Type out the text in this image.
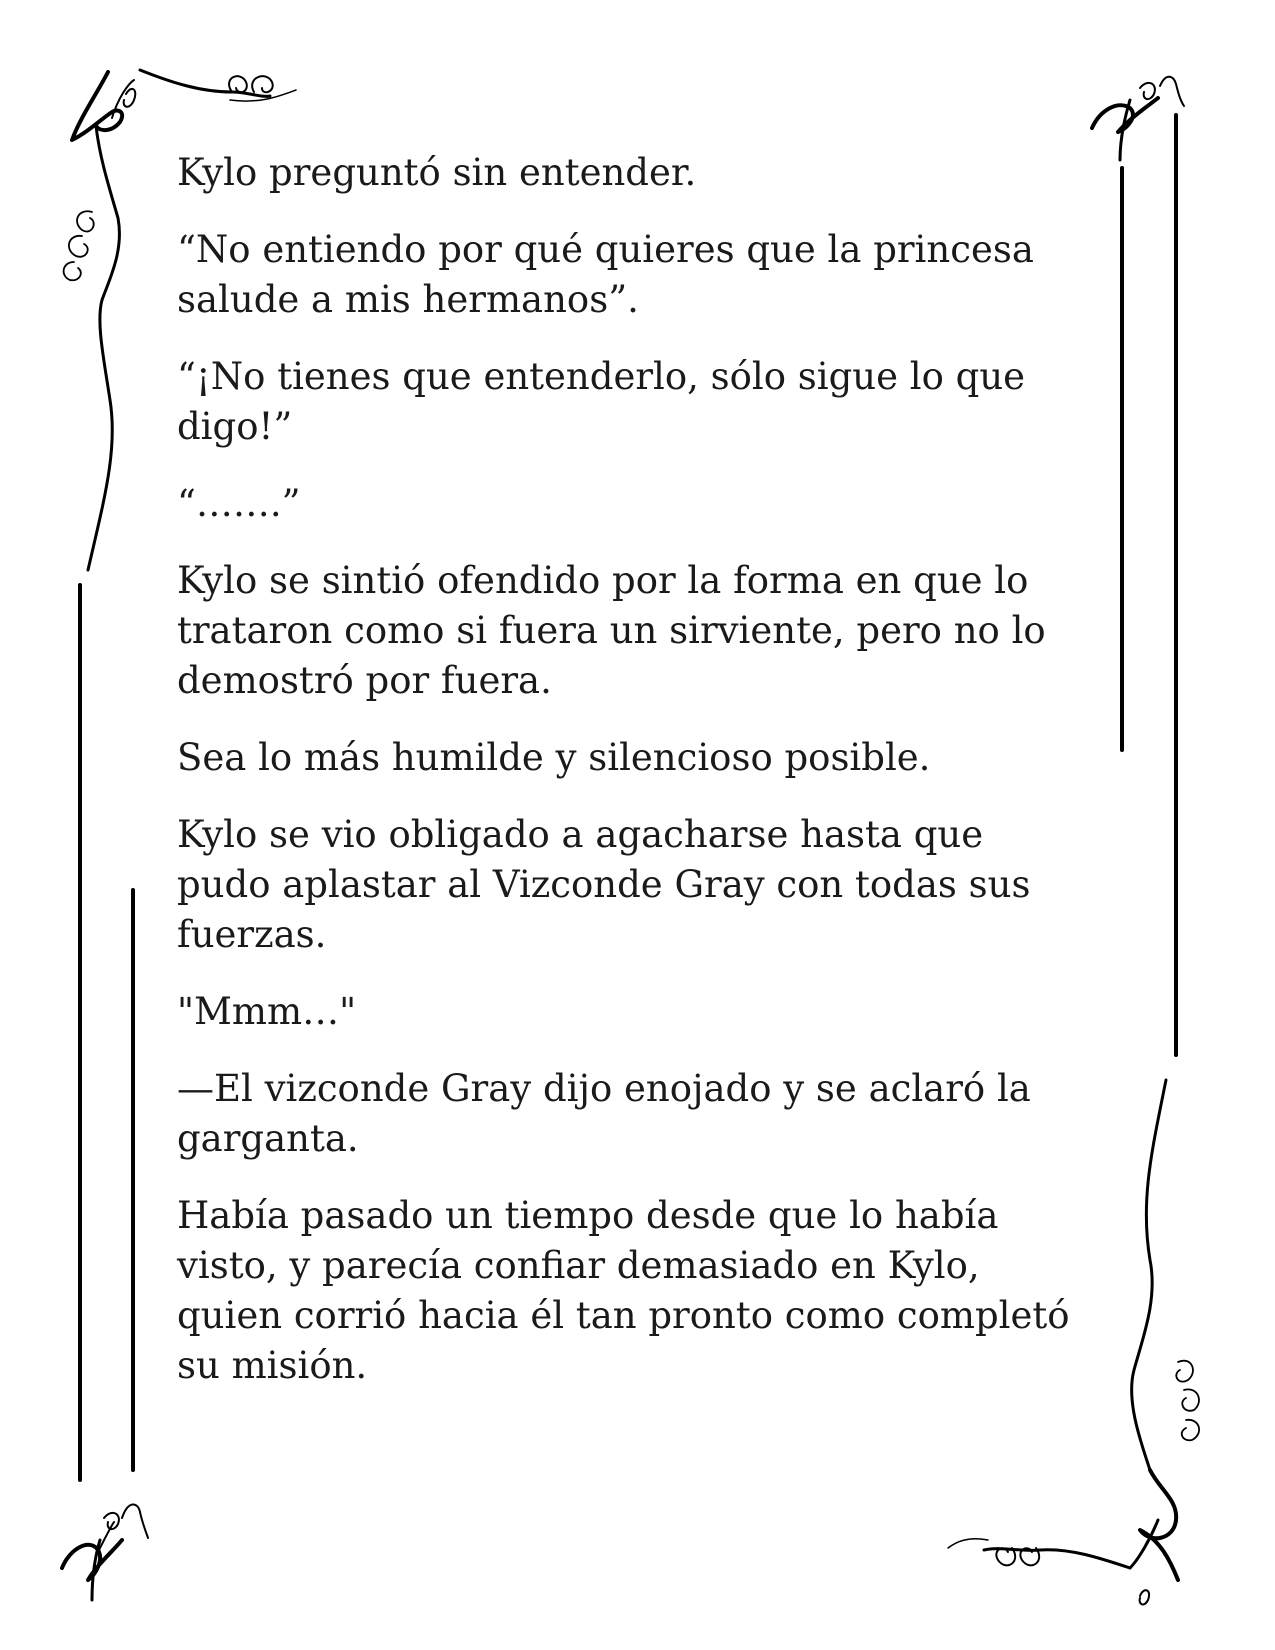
Kylo preguntó sin entender.

“No entiendo por qué quieres que la princesa salude a mis hermanos”.

“¡No tienes que entenderlo, sólo sigue lo que digo!”

“…….”

Kylo se sintió ofendido por la forma en que lo trataron como si fuera un sirviente, pero no lo demostró por fuera.

Sea lo más humilde y silencioso posible.

Kylo se vio obligado a agacharse hasta que pudo aplastar al Vizconde Gray con todas sus fuerzas.

"Mmm…"

—El vizconde Gray dijo enojado y se aclaró la garganta.

Había pasado un tiempo desde que lo había visto, y parecía confiar demasiado en Kylo, quien corrió hacia él tan pronto como completó su misión.
